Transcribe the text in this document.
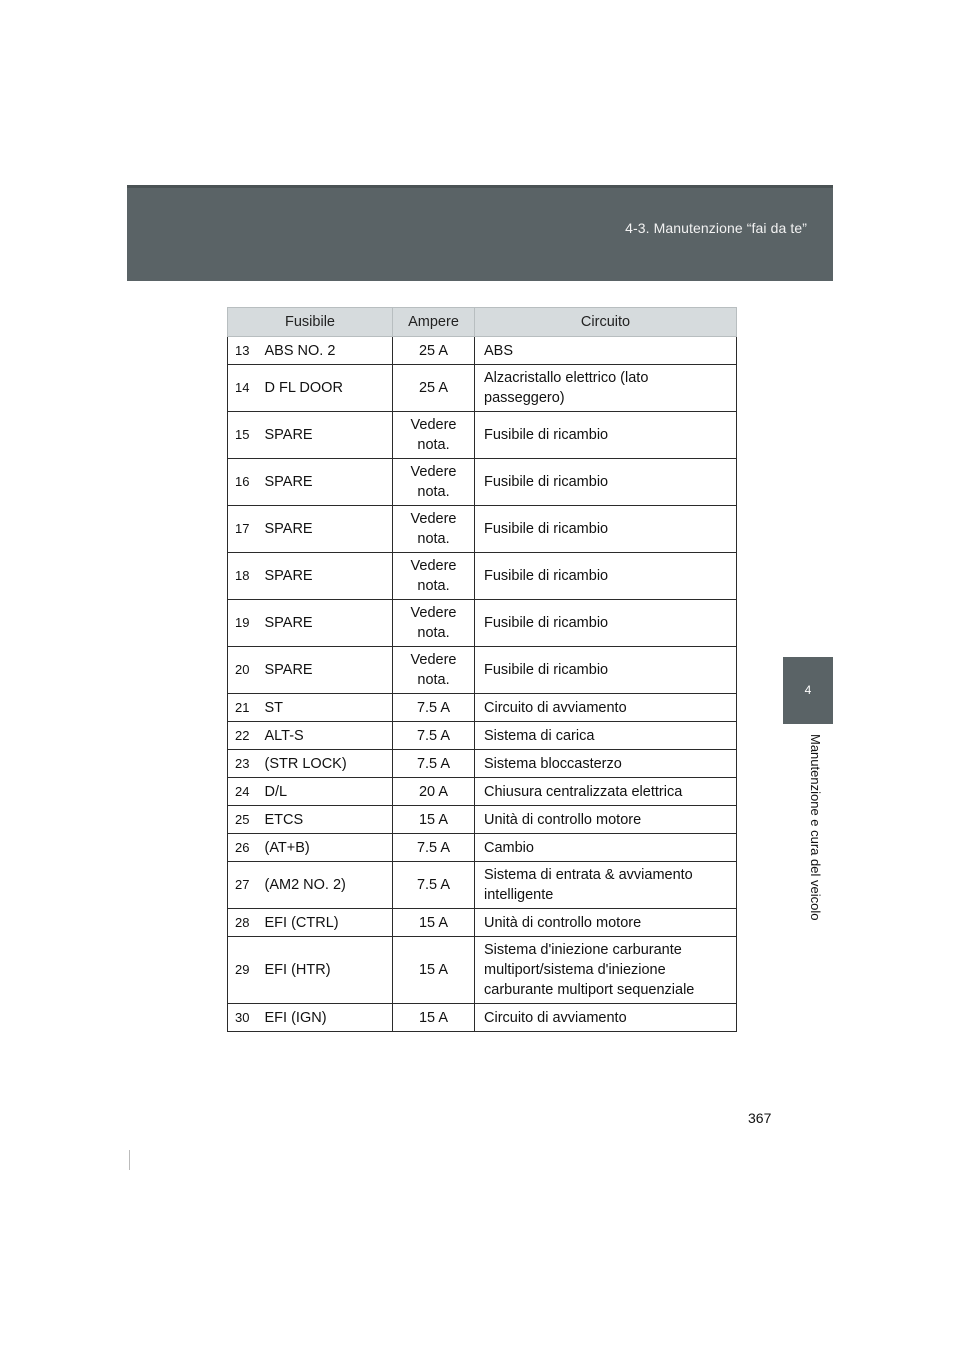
4-3. Manutenzione “fai da te”
4
Manutenzione e cura del veicolo
Fusibile		Ampere	Circuito
13	ABS NO. 2	25 A	ABS
14	D FL DOOR	25 A	Alzacristallo elettrico (lato passeggero)
15	SPARE	Vedere nota.	Fusibile di ricambio
16	SPARE	Vedere nota.	Fusibile di ricambio
17	SPARE	Vedere nota.	Fusibile di ricambio
18	SPARE	Vedere nota.	Fusibile di ricambio
19	SPARE	Vedere nota.	Fusibile di ricambio
20	SPARE	Vedere nota.	Fusibile di ricambio
21	ST	7.5 A	Circuito di avviamento
22	ALT-S	7.5 A	Sistema di carica
23	(STR LOCK)	7.5 A	Sistema bloccasterzo
24	D/L	20 A	Chiusura centralizzata elettrica
25	ETCS	15 A	Unità di controllo motore
26	(AT+B)	7.5 A	Cambio
27	(AM2 NO. 2)	7.5 A	Sistema di entrata & avviamento intelligente
28	EFI (CTRL)	15 A	Unità di controllo motore
29	EFI (HTR)	15 A	Sistema d'iniezione carburante multiport/sistema d'iniezione carburante multiport sequenziale
30	EFI (IGN)	15 A	Circuito di avviamento
367
